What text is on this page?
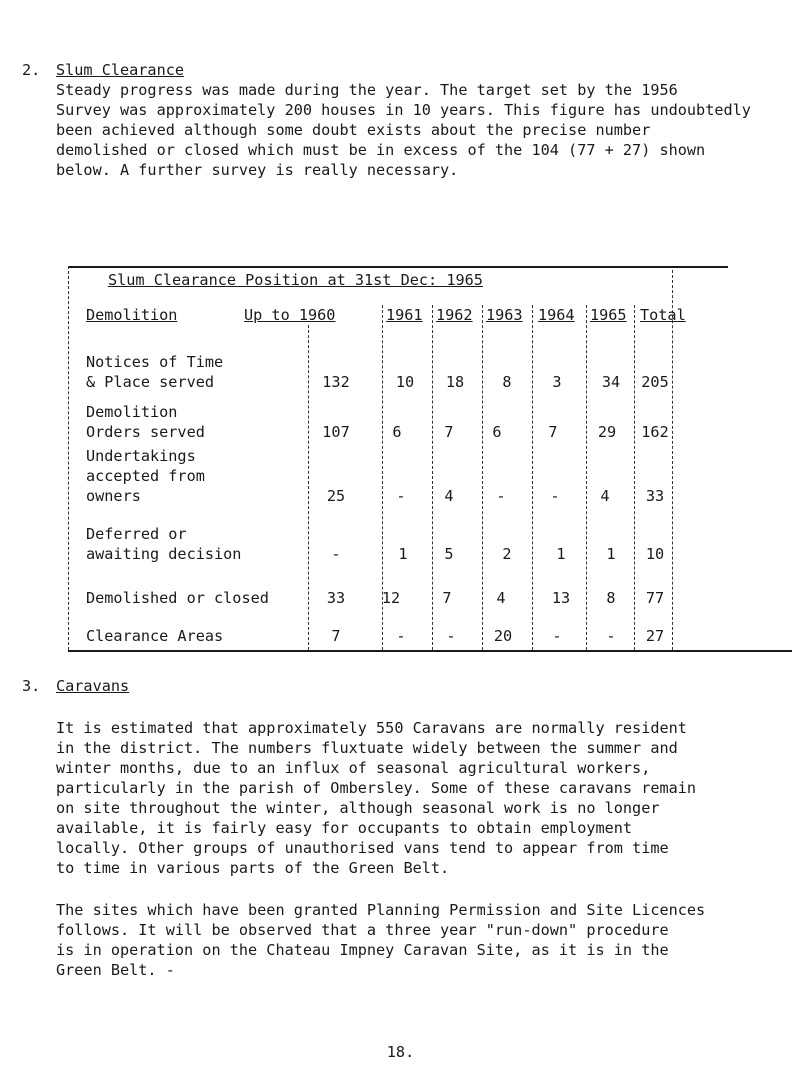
2. Slum Clearance
Steady progress was made during the year. The target set by the 1956
Survey was approximately 200 houses in 10 years. This figure has undoubtedly
been achieved although some doubt exists about the precise number
demolished or closed which must be in excess of the 104 (77 + 27) shown
below. A further survey is really necessary.
Slum Clearance Position at 31st Dec: 1965
Demolition	Up to 1960	1961 1962 1963 1964 1965 Total
Notices of Time
& Place served	132	10	18	8	3	34	205
Demolition
Orders served	107	6	7	6	7	29	162
Undertakings
accepted from
owners	25	-	4	-	-	4	33
Deferred or
awaiting decision	-	1	5	2	1	1	10
Demolished or closed	33	12	7	4	13	8	77
Clearance Areas	7	-	-	20	-	-	27
3. Caravans
It is estimated that approximately 550 Caravans are normally resident
in the district. The numbers fluxtuate widely between the summer and
winter months, due to an influx of seasonal agricultural workers,
particularly in the parish of Ombersley. Some of these caravans remain
on site throughout the winter, although seasonal work is no longer
available, it is fairly easy for occupants to obtain employment
locally. Other groups of unauthorised vans tend to appear from time
to time in various parts of the Green Belt.
The sites which have been granted Planning Permission and Site Licences
follows. It will be observed that a three year "run-down" procedure
is in operation on the Chateau Impney Caravan Site, as it is in the
Green Belt. -
18.
